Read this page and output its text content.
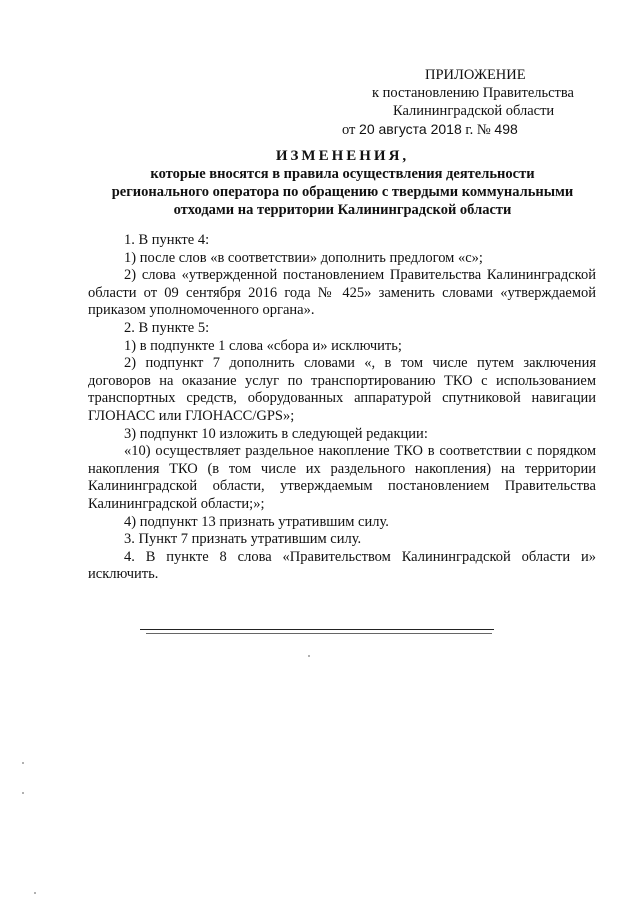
ПРИЛОЖЕНИЕ
к постановлению Правительства
Калининградской области
от 20 августа 2018 г. № 498
ИЗМЕНЕНИЯ,
которые вносятся в правила осуществления деятельности
регионального оператора по обращению с твердыми коммунальными
отходами на территории Калининградской области

1. В пункте 4:

1) после слов «в соответствии» дополнить предлогом «с»;

2) слова «утвержденной постановлением Правительства Калининградской области от 09 сентября 2016 года № 425» заменить словами «утверждаемой приказом уполномоченного органа».

2. В пункте 5:

1) в подпункте 1 слова «сбора и» исключить;

2) подпункт 7 дополнить словами «, в том числе путем заключения договоров на оказание услуг по транспортированию ТКО с использованием транспортных средств, оборудованных аппаратурой спутниковой навигации ГЛОНАСС или ГЛОНАСС/GPS»;

3) подпункт 10 изложить в следующей редакции:

«10) осуществляет раздельное накопление ТКО в соответствии с порядком накопления ТКО (в том числе их раздельного накопления) на территории Калининградской области, утверждаемым постановлением Правительства Калининградской области;»;

4) подпункт 13 признать утратившим силу.

3. Пункт 7 признать утратившим силу.

4. В пункте 8 слова «Правительством Калининградской области и» исключить.
